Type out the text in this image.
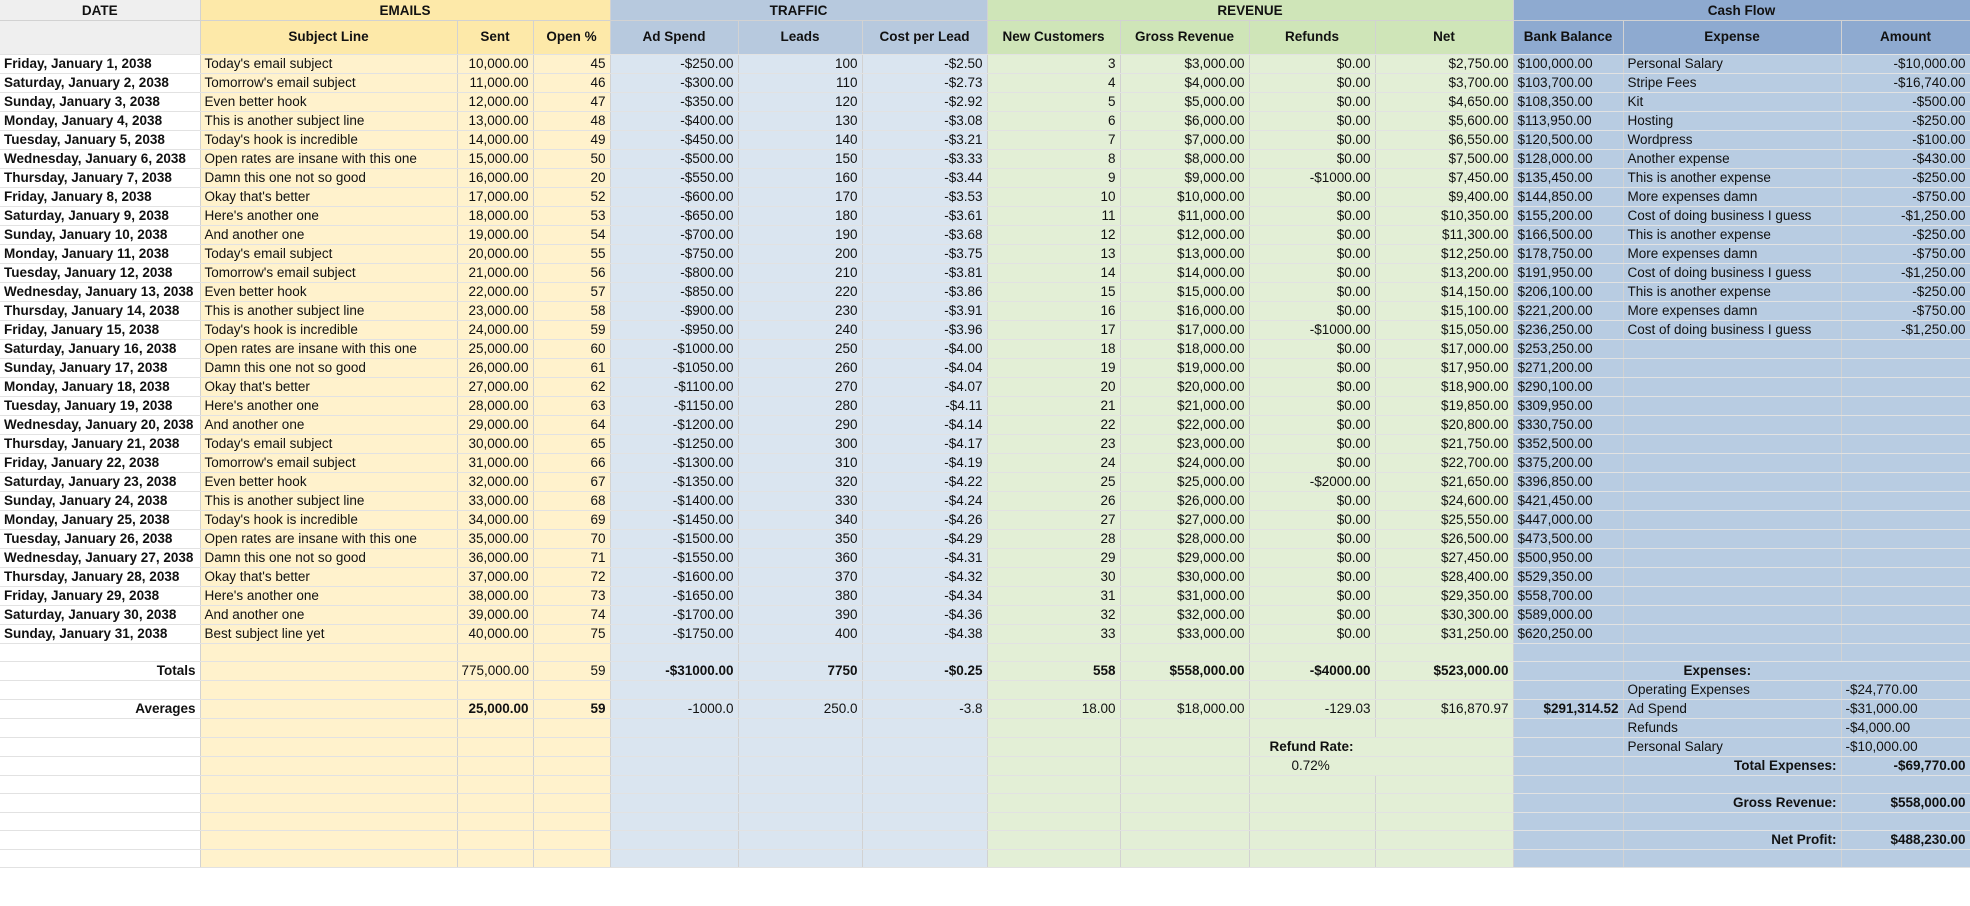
DATE	EMAILS			TRAFFIC			REVENUE				Cash Flow		
	Subject Line	Sent	Open %	Ad Spend	Leads	Cost per Lead	New Customers	Gross Revenue	Refunds	Net	Bank Balance	Expense	Amount
Friday, January 1, 2038	Today's email subject	10,000.00	45	-$250.00	100	-$2.50	3	$3,000.00	$0.00	$2,750.00	$100,000.00	Personal Salary	-$10,000.00
Saturday, January 2, 2038	Tomorrow's email subject	11,000.00	46	-$300.00	110	-$2.73	4	$4,000.00	$0.00	$3,700.00	$103,700.00	Stripe Fees	-$16,740.00
Sunday, January 3, 2038	Even better hook	12,000.00	47	-$350.00	120	-$2.92	5	$5,000.00	$0.00	$4,650.00	$108,350.00	Kit	-$500.00
Monday, January 4, 2038	This is another subject line	13,000.00	48	-$400.00	130	-$3.08	6	$6,000.00	$0.00	$5,600.00	$113,950.00	Hosting	-$250.00
Tuesday, January 5, 2038	Today's hook is incredible	14,000.00	49	-$450.00	140	-$3.21	7	$7,000.00	$0.00	$6,550.00	$120,500.00	Wordpress	-$100.00
Wednesday, January 6, 2038	Open rates are insane with this one	15,000.00	50	-$500.00	150	-$3.33	8	$8,000.00	$0.00	$7,500.00	$128,000.00	Another expense	-$430.00
Thursday, January 7, 2038	Damn this one not so good	16,000.00	20	-$550.00	160	-$3.44	9	$9,000.00	-$1000.00	$7,450.00	$135,450.00	This is another expense	-$250.00
Friday, January 8, 2038	Okay that's better	17,000.00	52	-$600.00	170	-$3.53	10	$10,000.00	$0.00	$9,400.00	$144,850.00	More expenses damn	-$750.00
Saturday, January 9, 2038	Here's another one	18,000.00	53	-$650.00	180	-$3.61	11	$11,000.00	$0.00	$10,350.00	$155,200.00	Cost of doing business I guess	-$1,250.00
Sunday, January 10, 2038	And another one	19,000.00	54	-$700.00	190	-$3.68	12	$12,000.00	$0.00	$11,300.00	$166,500.00	This is another expense	-$250.00
Monday, January 11, 2038	Today's email subject	20,000.00	55	-$750.00	200	-$3.75	13	$13,000.00	$0.00	$12,250.00	$178,750.00	More expenses damn	-$750.00
Tuesday, January 12, 2038	Tomorrow's email subject	21,000.00	56	-$800.00	210	-$3.81	14	$14,000.00	$0.00	$13,200.00	$191,950.00	Cost of doing business I guess	-$1,250.00
Wednesday, January 13, 2038	Even better hook	22,000.00	57	-$850.00	220	-$3.86	15	$15,000.00	$0.00	$14,150.00	$206,100.00	This is another expense	-$250.00
Thursday, January 14, 2038	This is another subject line	23,000.00	58	-$900.00	230	-$3.91	16	$16,000.00	$0.00	$15,100.00	$221,200.00	More expenses damn	-$750.00
Friday, January 15, 2038	Today's hook is incredible	24,000.00	59	-$950.00	240	-$3.96	17	$17,000.00	-$1000.00	$15,050.00	$236,250.00	Cost of doing business I guess	-$1,250.00
Saturday, January 16, 2038	Open rates are insane with this one	25,000.00	60	-$1000.00	250	-$4.00	18	$18,000.00	$0.00	$17,000.00	$253,250.00		
Sunday, January 17, 2038	Damn this one not so good	26,000.00	61	-$1050.00	260	-$4.04	19	$19,000.00	$0.00	$17,950.00	$271,200.00		
Monday, January 18, 2038	Okay that's better	27,000.00	62	-$1100.00	270	-$4.07	20	$20,000.00	$0.00	$18,900.00	$290,100.00		
Tuesday, January 19, 2038	Here's another one	28,000.00	63	-$1150.00	280	-$4.11	21	$21,000.00	$0.00	$19,850.00	$309,950.00		
Wednesday, January 20, 2038	And another one	29,000.00	64	-$1200.00	290	-$4.14	22	$22,000.00	$0.00	$20,800.00	$330,750.00		
Thursday, January 21, 2038	Today's email subject	30,000.00	65	-$1250.00	300	-$4.17	23	$23,000.00	$0.00	$21,750.00	$352,500.00		
Friday, January 22, 2038	Tomorrow's email subject	31,000.00	66	-$1300.00	310	-$4.19	24	$24,000.00	$0.00	$22,700.00	$375,200.00		
Saturday, January 23, 2038	Even better hook	32,000.00	67	-$1350.00	320	-$4.22	25	$25,000.00	-$2000.00	$21,650.00	$396,850.00		
Sunday, January 24, 2038	This is another subject line	33,000.00	68	-$1400.00	330	-$4.24	26	$26,000.00	$0.00	$24,600.00	$421,450.00		
Monday, January 25, 2038	Today's hook is incredible	34,000.00	69	-$1450.00	340	-$4.26	27	$27,000.00	$0.00	$25,550.00	$447,000.00		
Tuesday, January 26, 2038	Open rates are insane with this one	35,000.00	70	-$1500.00	350	-$4.29	28	$28,000.00	$0.00	$26,500.00	$473,500.00		
Wednesday, January 27, 2038	Damn this one not so good	36,000.00	71	-$1550.00	360	-$4.31	29	$29,000.00	$0.00	$27,450.00	$500,950.00		
Thursday, January 28, 2038	Okay that's better	37,000.00	72	-$1600.00	370	-$4.32	30	$30,000.00	$0.00	$28,400.00	$529,350.00		
Friday, January 29, 2038	Here's another one	38,000.00	73	-$1650.00	380	-$4.34	31	$31,000.00	$0.00	$29,350.00	$558,700.00		
Saturday, January 30, 2038	And another one	39,000.00	74	-$1700.00	390	-$4.36	32	$32,000.00	$0.00	$30,300.00	$589,000.00		
Sunday, January 31, 2038	Best subject line yet	40,000.00	75	-$1750.00	400	-$4.38	33	$33,000.00	$0.00	$31,250.00	$620,250.00		

Totals		775,000.00	59	-$31000.00	7750	-$0.25	558	$558,000.00	-$4000.00	$523,000.00		Expenses:	
												Operating Expenses	-$24,770.00
Averages		25,000.00	59	-1000.0	250.0	-3.8	18.00	$18,000.00	-129.03	$16,870.97	$291,314.52	Ad Spend	-$31,000.00
												Refunds	-$4,000.00
									Refund Rate:			Personal Salary	-$10,000.00
									0.72%			Total Expenses:	-$69,770.00

												Gross Revenue:	$558,000.00

												Net Profit:	$488,230.00
